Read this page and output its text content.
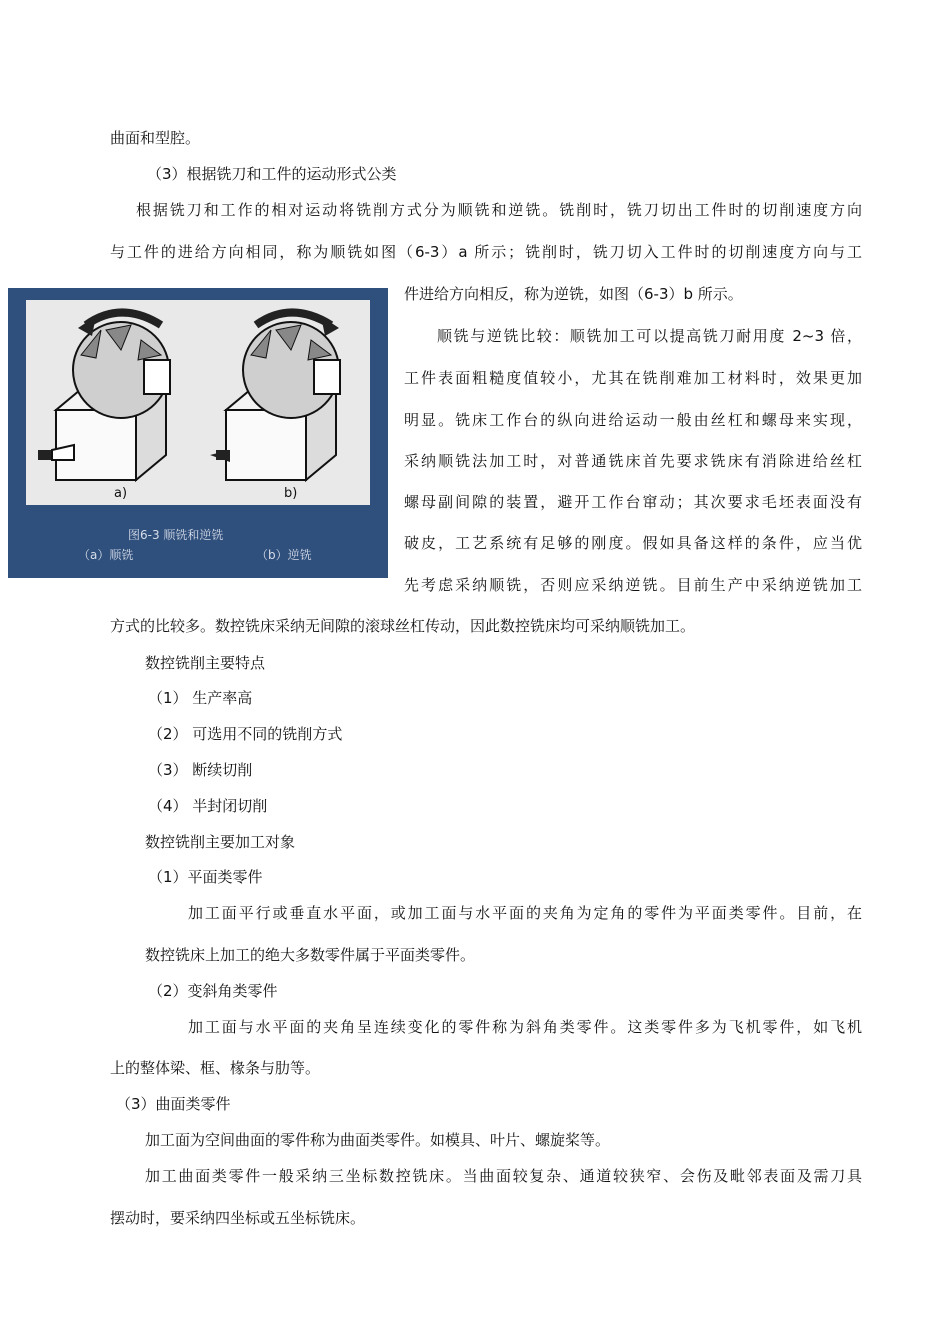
曲面和型腔。
（3）根据铣刀和工件的运动形式公类
根据铣刀和工作的相对运动将铣削方式分为顺铣和逆铣。铣削时，铣刀切出工件时的切削速度方向
与工件的进给方向相同，称为顺铣如图（6-3）a 所示；铣削时，铣刀切入工件时的切削速度方向与工
件进给方向相反，称为逆铣，如图（6-3）b 所示。
a)	b)
图6-3 顺铣和逆铣
（a）顺铣	（b）逆铣
顺铣与逆铣比较：顺铣加工可以提高铣刀耐用度 2~3 倍，
工件表面粗糙度值较小，尤其在铣削难加工材料时，效果更加
明显。铣床工作台的纵向进给运动一般由丝杠和螺母来实现，
采纳顺铣法加工时，对普通铣床首先要求铣床有消除进给丝杠
螺母副间隙的装置，避开工作台窜动；其次要求毛坯表面没有
破皮，工艺系统有足够的刚度。假如具备这样的条件，应当优
先考虑采纳顺铣，否则应采纳逆铣。目前生产中采纳逆铣加工
方式的比较多。数控铣床采纳无间隙的滚球丝杠传动，因此数控铣床均可采纳顺铣加工。
数控铣削主要特点
（1） 生产率高
（2） 可选用不同的铣削方式
（3） 断续切削
（4） 半封闭切削
数控铣削主要加工对象
（1）平面类零件
加工面平行或垂直水平面，或加工面与水平面的夹角为定角的零件为平面类零件。目前，在
数控铣床上加工的绝大多数零件属于平面类零件。
（2）变斜角类零件
加工面与水平面的夹角呈连续变化的零件称为斜角类零件。这类零件多为飞机零件，如飞机
上的整体梁、框、椽条与肋等。
（3）曲面类零件
加工面为空间曲面的零件称为曲面类零件。如模具、叶片、螺旋桨等。
加工曲面类零件一般采纳三坐标数控铣床。当曲面较复杂、通道较狭窄、会伤及毗邻表面及需刀具
摆动时，要采纳四坐标或五坐标铣床。
